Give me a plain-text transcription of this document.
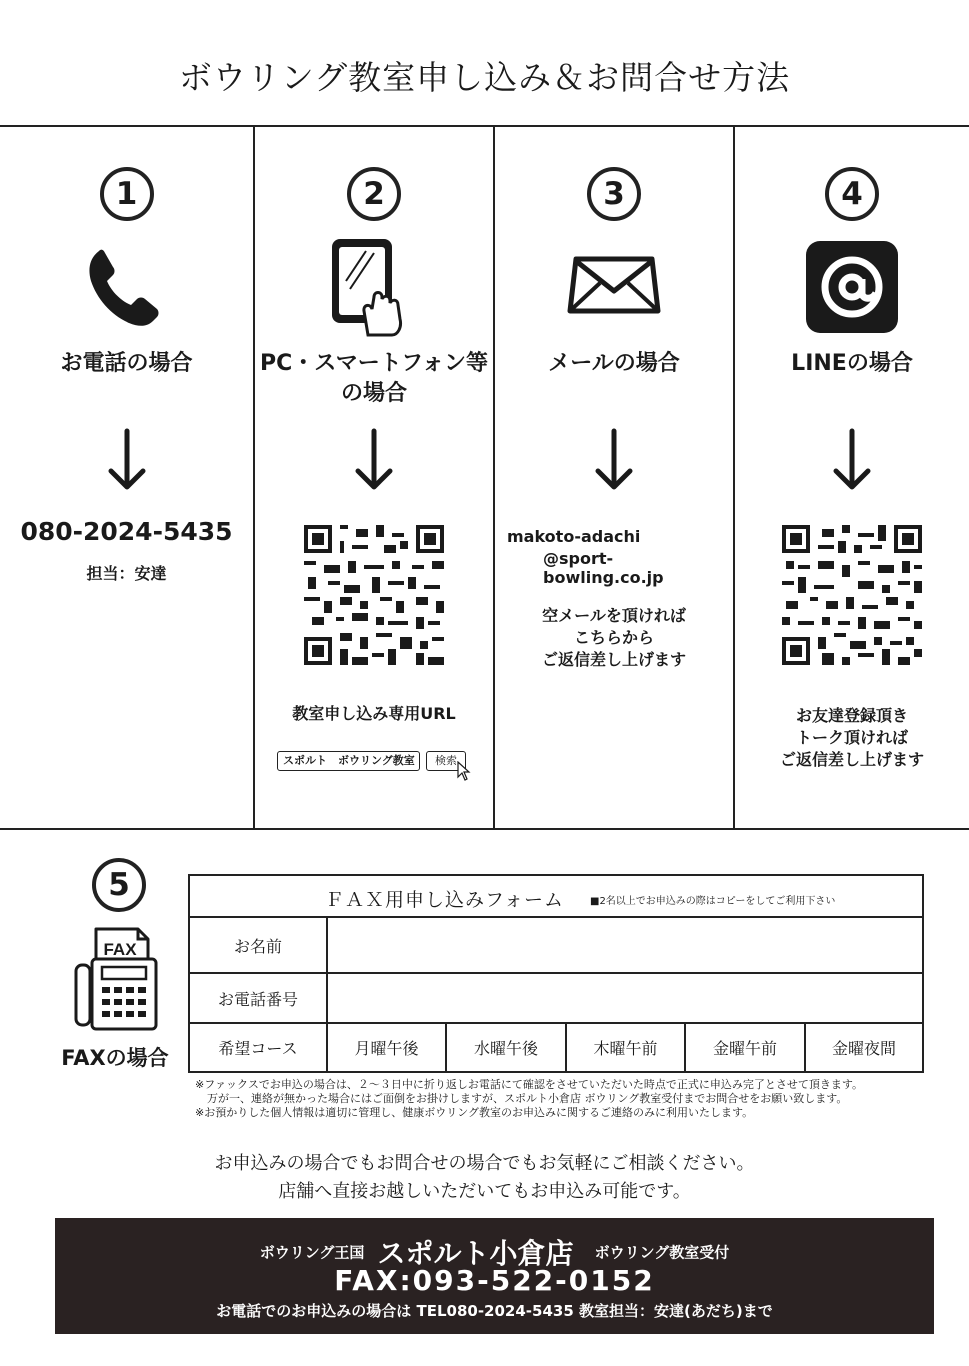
ボウリング教室申し込み＆お問合せ方法
1
お電話の場合
080-2024-5435
担当：安達
2
PC・スマートフォン等
の場合
教室申し込み専用URL
スポルト　ボウリング教室	検索
3
メールの場合
makoto-adachi
@sport-bowling.co.jp
空メールを頂ければ
こちらから
ご返信差し上げます
4
LINEの場合
お友達登録頂き
トーク頂ければ
ご返信差し上げます
5
FAX
FAXの場合
ＦＡＸ用申し込みフォーム	■2名以上でお申込みの際はコピーをしてご利用下さい
お名前
お電話番号
希望コース	月曜午後	水曜午後	木曜午前	金曜午前	金曜夜間
※ファックスでお申込の場合は、２～３日中に折り返しお電話にて確認をさせていただいた時点で正式に申込み完了とさせて頂きます。
万が一、連絡が無かった場合にはご面倒をお掛けしますが、スポルト小倉店 ボウリング教室受付までお問合せをお願い致します。
※お預かりした個人情報は適切に管理し、健康ボウリング教室のお申込みに関するご連絡のみに利用いたします。
お申込みの場合でもお問合せの場合でもお気軽にご相談ください。
店舗へ直接お越しいただいてもお申込み可能です。
ボウリング王国 スポルト小倉店 ボウリング教室受付
FAX:093-522-0152
お電話でのお申込みの場合は TEL080-2024-5435 教室担当：安達(あだち)まで
